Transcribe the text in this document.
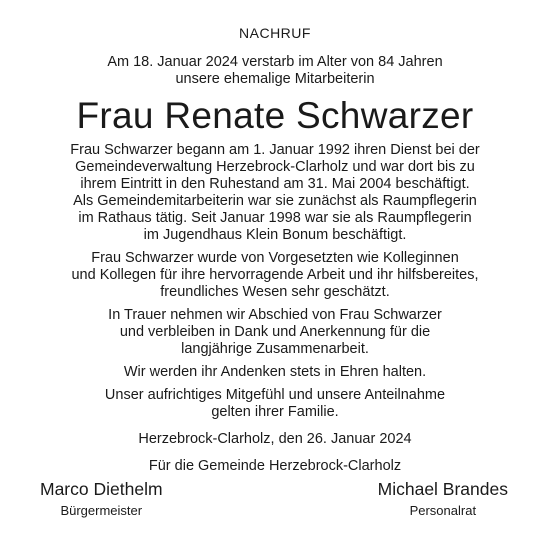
NACHRUF

Am 18. Januar 2024 verstarb im Alter von 84 Jahren
unsere ehemalige Mitarbeiterin

Frau Renate Schwarzer

Frau Schwarzer begann am 1. Januar 1992 ihren Dienst bei der
Gemeindeverwaltung Herzebrock-Clarholz und war dort bis zu
ihrem Eintritt in den Ruhestand am 31. Mai 2004 beschäftigt.
Als Gemeindemitarbeiterin war sie zunächst als Raumpflegerin
im Rathaus tätig. Seit Januar 1998 war sie als Raumpflegerin
im Jugendhaus Klein Bonum beschäftigt.

Frau Schwarzer wurde von Vorgesetzten wie Kolleginnen
und Kollegen für ihre hervorragende Arbeit und ihr hilfsbereites,
freundliches Wesen sehr geschätzt.

In Trauer nehmen wir Abschied von Frau Schwarzer
und verbleiben in Dank und Anerkennung für die
langjährige Zusammenarbeit.

Wir werden ihr Andenken stets in Ehren halten.

Unser aufrichtiges Mitgefühl und unsere Anteilnahme
gelten ihrer Familie.

Herzebrock-Clarholz, den 26. Januar 2024
Für die Gemeinde Herzebrock-Clarholz
Marco Diethelm
Bürgermeister
Michael Brandes
Personalrat
